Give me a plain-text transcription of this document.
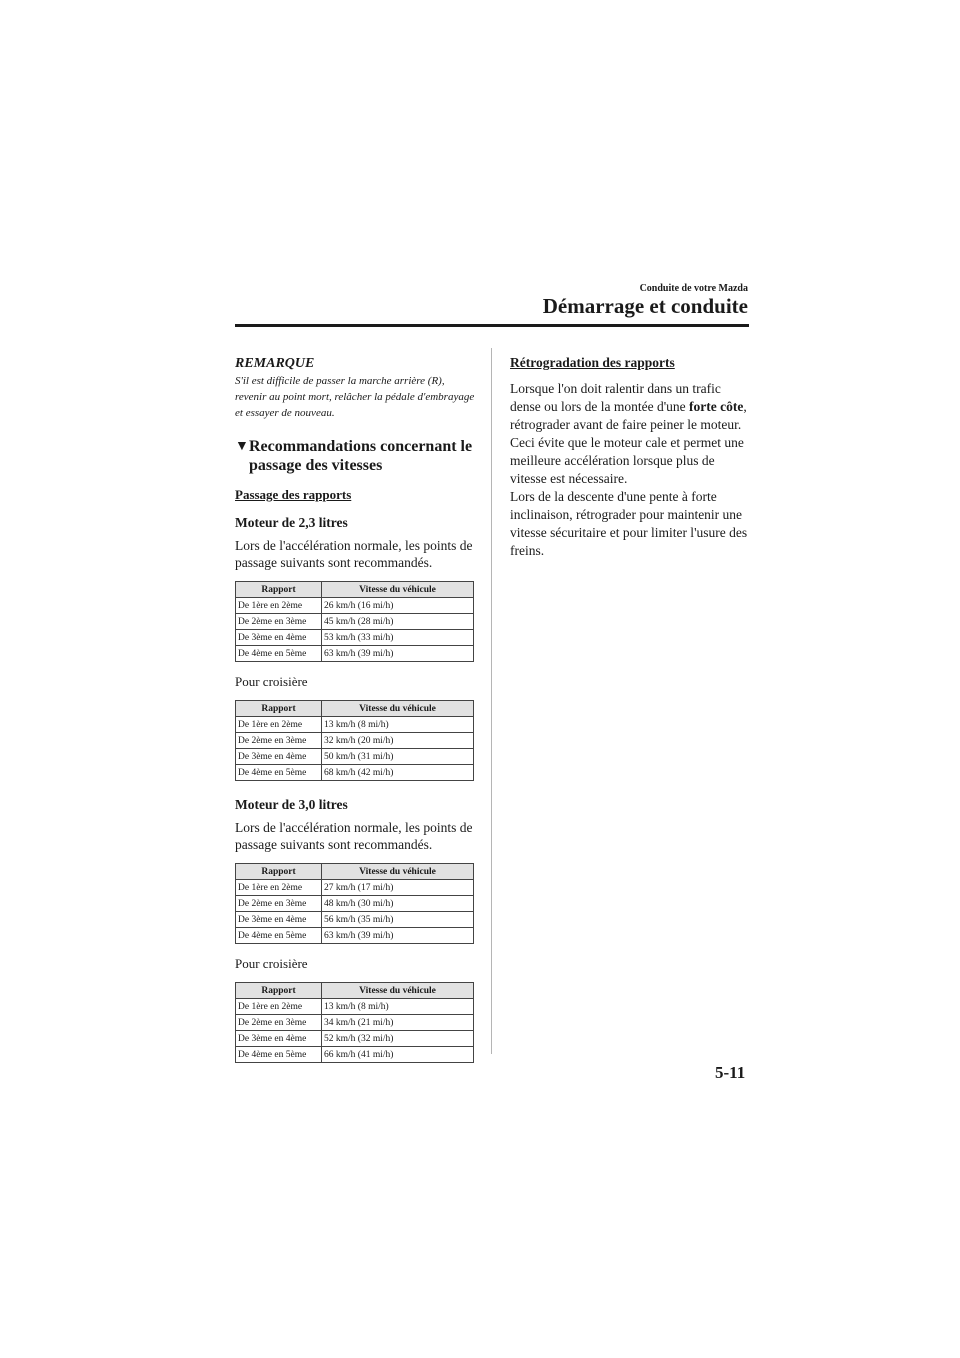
Conduite de votre Mazda
Démarrage et conduite

REMARQUE

S'il est difficile de passer la marche arrière (R), revenir au point mort, relâcher la pédale d'embrayage et essayer de nouveau.

▼ Recommandations concernant le passage des vitesses

Passage des rapports

Moteur de 2,3 litres

Lors de l'accélération normale, les points de passage suivants sont recommandés.

Rapport	Vitesse du véhicule
De 1ère en 2ème	26 km/h (16 mi/h)
De 2ème en 3ème	45 km/h (28 mi/h)
De 3ème en 4ème	53 km/h (33 mi/h)
De 4ème en 5ème	63 km/h (39 mi/h)

Pour croisière

Rapport	Vitesse du véhicule
De 1ère en 2ème	13 km/h (8 mi/h)
De 2ème en 3ème	32 km/h (20 mi/h)
De 3ème en 4ème	50 km/h (31 mi/h)
De 4ème en 5ème	68 km/h (42 mi/h)

Moteur de 3,0 litres

Lors de l'accélération normale, les points de passage suivants sont recommandés.

Rapport	Vitesse du véhicule
De 1ère en 2ème	27 km/h (17 mi/h)
De 2ème en 3ème	48 km/h (30 mi/h)
De 3ème en 4ème	56 km/h (35 mi/h)
De 4ème en 5ème	63 km/h (39 mi/h)

Pour croisière

Rapport	Vitesse du véhicule
De 1ère en 2ème	13 km/h (8 mi/h)
De 2ème en 3ème	34 km/h (21 mi/h)
De 3ème en 4ème	52 km/h (32 mi/h)
De 4ème en 5ème	66 km/h (41 mi/h)

Rétrogradation des rapports

Lorsque l'on doit ralentir dans un trafic dense ou lors de la montée d'une forte côte, rétrograder avant de faire peiner le moteur. Ceci évite que le moteur cale et permet une meilleure accélération lorsque plus de vitesse est nécessaire.
Lors de la descente d'une pente à forte inclinaison, rétrograder pour maintenir une vitesse sécuritaire et pour limiter l'usure des freins.

5-11
